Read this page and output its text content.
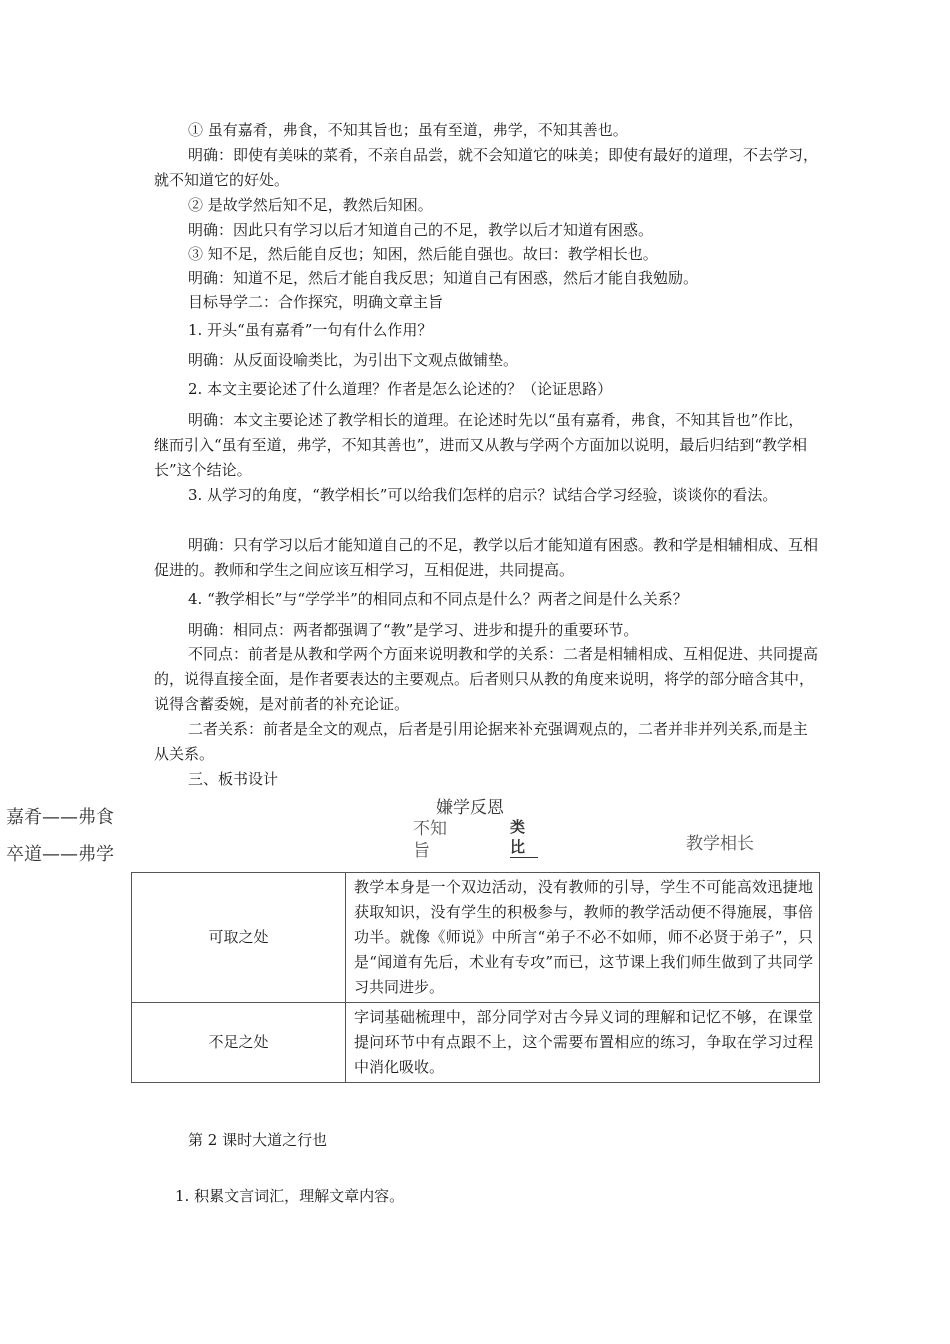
① 虽有嘉肴，弗食，不知其旨也；虽有至道，弗学，不知其善也。

明确：即使有美味的菜肴，不亲自品尝，就不会知道它的味美；即使有最好的道理，不去学习，就不知道它的好处。

② 是故学然后知不足，教然后知困。

明确：因此只有学习以后才知道自己的不足，教学以后才知道有困惑。

③ 知不足，然后能自反也；知困，然后能自强也。故曰：教学相长也。

明确：知道不足，然后才能自我反思；知道自己有困惑，然后才能自我勉励。

目标导学二：合作探究，明确文章主旨

1. 开头“虽有嘉肴”一句有什么作用？

明确：从反面设喻类比，为引出下文观点做铺垫。

2. 本文主要论述了什么道理？作者是怎么论述的？（论证思路）

明确：本文主要论述了教学相长的道理。在论述时先以“虽有嘉肴，弗食，不知其旨也”作比，继而引入“虽有至道，弗学，不知其善也”，进而又从教与学两个方面加以说明，最后归结到“教学相长”这个结论。

3. 从学习的角度，“教学相长”可以给我们怎样的启示？试结合学习经验，谈谈你的看法。

明确：只有学习以后才能知道自己的不足，教学以后才能知道有困惑。教和学是相辅相成、互相促进的。教师和学生之间应该互相学习，互相促进，共同提高。

4. “教学相长”与“学学半”的相同点和不同点是什么？两者之间是什么关系？

明确：相同点：两者都强调了“教”是学习、进步和提升的重要环节。

不同点：前者是从教和学两个方面来说明教和学的关系：二者是相辅相成、互相促进、共同提高的，说得直接全面，是作者要表达的主要观点。后者则只从教的角度来说明，将学的部分暗含其中，说得含蓄委婉，是对前者的补充论证。

二者关系：前者是全文的观点，后者是引用论据来补充强调观点的，二者并非并列关系,而是主从关系。

三、板书设计

嘉肴——弗食
卒道——弗学
嫌学反恩
不知
旨
类
比	教学相长
可取之处	教学本身是一个双边活动，没有教师的引导，学生不可能高效迅捷地获取知识，没有学生的积极参与，教师的教学活动便不得施展，事倍功半。就像《师说》中所言“弟子不必不如师，师不必贤于弟子”，只是“闻道有先后，术业有专攻”而已，这节课上我们师生做到了共同学习共同进步。
不足之处	字词基础梳理中，部分同学对古今异义词的理解和记忆不够，在课堂提问环节中有点跟不上，这个需要布置相应的练习，争取在学习过程中消化吸收。

第 2 课时大道之行也

1. 积累文言词汇，理解文章内容。
